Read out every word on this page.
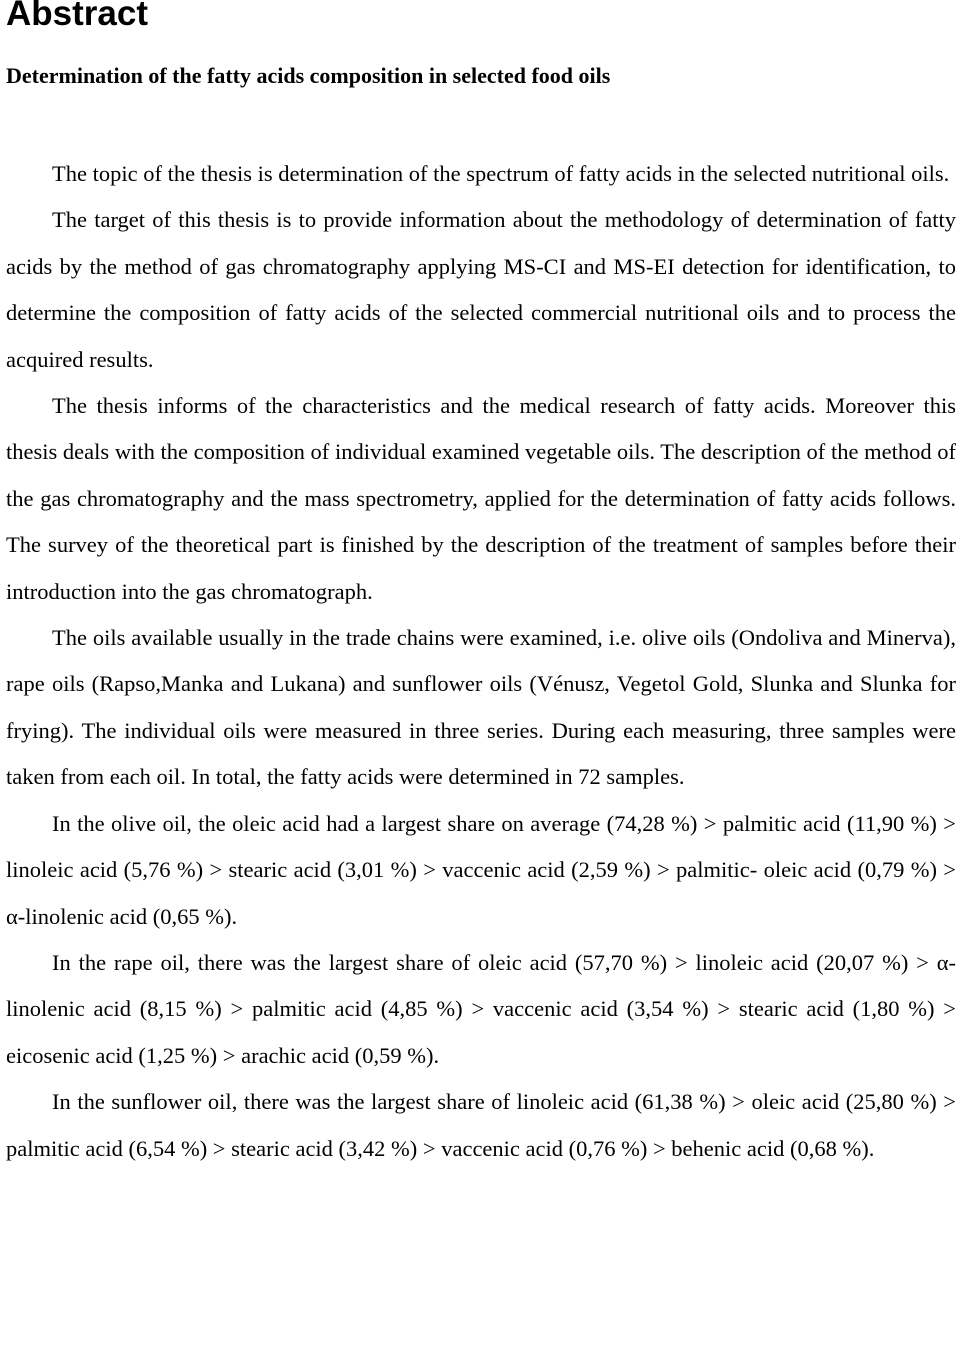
Abstract
Determination of the fatty acids composition in selected food oils

The topic of the thesis is determination of the spectrum of fatty acids in the selected nutritional oils.

The target of this thesis is to provide information about the methodology of determination of fatty acids by the method of gas chromatography applying MS-CI and MS-EI detection for identification, to determine the composition of fatty acids of the selected commercial nutritional oils and to process the acquired results.

The thesis informs of the characteristics and the medical research of fatty acids. Moreover this thesis deals with the composition of individual examined vegetable oils. The description of the method of the gas chromatography and the mass spectrometry, applied for the determination of fatty acids follows. The survey of the theoretical part is finished by the description of the treatment of samples before their introduction into the gas chromatograph.

The oils available usually in the trade chains were examined, i.e. olive oils (Ondoliva and Minerva), rape oils (Rapso,Manka and Lukana) and sunflower oils (Vénusz, Vegetol Gold, Slunka and Slunka for frying). The individual oils were measured in three series. During each measuring, three samples were taken from each oil. In total, the fatty acids were determined in 72 samples.

In the olive oil, the oleic acid had a largest share on average (74,28 %) > palmitic acid (11,90 %) > linoleic acid (5,76 %) > stearic acid (3,01 %) > vaccenic acid (2,59 %) > palmitic- oleic acid (0,79 %) > α-linolenic acid (0,65 %).

In the rape oil, there was the largest share of oleic acid (57,70 %) > linoleic acid (20,07 %) > α-linolenic acid (8,15 %) > palmitic acid (4,85 %) > vaccenic acid (3,54 %) > stearic acid (1,80 %) > eicosenic acid (1,25 %) > arachic acid (0,59 %).

In the sunflower oil, there was the largest share of linoleic acid (61,38 %) > oleic acid (25,80 %) > palmitic acid (6,54 %) > stearic acid (3,42 %) > vaccenic acid (0,76 %) > behenic acid (0,68 %).
